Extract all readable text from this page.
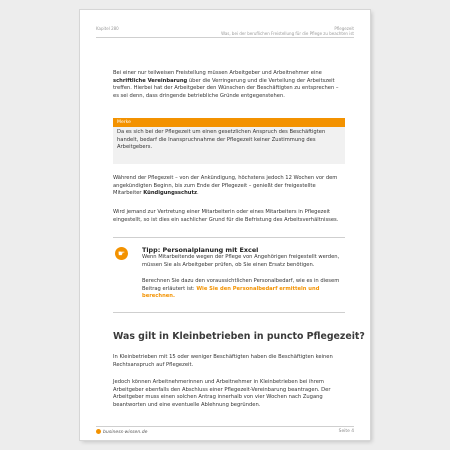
Kapitel 280	Pflegezeit
Was, bei der beruflichen Freistellung für die Pflege zu beachten ist

Bei einer nur teilweisen Freistellung müssen Arbeitgeber und Arbeitnehmer eine schriftliche Vereinbarung über die Verringerung und die Verteilung der Arbeitszeit treffen. Hierbei hat der Arbeitgeber den Wünschen der Beschäftigten zu entsprechen – es sei denn, dass dringende betriebliche Gründe entgegenstehen.

Merke
Da es sich bei der Pflegezeit um einen gesetzlichen Anspruch des Beschäftigten handelt, bedarf die Inanspruchnahme der Pflegezeit keiner Zustimmung des Arbeitgebers.

Während der Pflegezeit – von der Ankündigung, höchstens jedoch 12 Wochen vor dem angekündigten Beginn, bis zum Ende der Pflegezeit – genießt der freigestellte Mitarbeiter Kündigungsschutz.

Wird jemand zur Vertretung einer Mitarbeiterin oder eines Mitarbeiters in Pflegezeit eingestellt, so ist dies ein sachlicher Grund für die Befristung des Arbeitsverhältnisses.

☛	Tipp: Personalplanung mit Excel

Wenn Mitarbeitende wegen der Pflege von Angehörigen freigestellt werden, müssen Sie als Arbeitgeber prüfen, ob Sie einen Ersatz benötigen.

Berechnen Sie dazu den voraussichtlichen Personalbedarf, wie es in diesem Beitrag erläutert ist: Wie Sie den Personalbedarf ermitteln und berechnen.

Was gilt in Kleinbetrieben in puncto Pflegezeit?

In Kleinbetrieben mit 15 oder weniger Beschäftigten haben die Beschäftigten keinen Rechtsanspruch auf Pflegezeit.

Jedoch können Arbeitnehmerinnen und Arbeitnehmer in Kleinbetrieben bei ihrem Arbeitgeber ebenfalls den Abschluss einer Pflegezeit-Vereinbarung beantragen. Der Arbeitgeber muss einen solchen Antrag innerhalb von vier Wochen nach Zugang beantworten und eine eventuelle Ablehnung begründen.

business-wissen.de	Seite 4
